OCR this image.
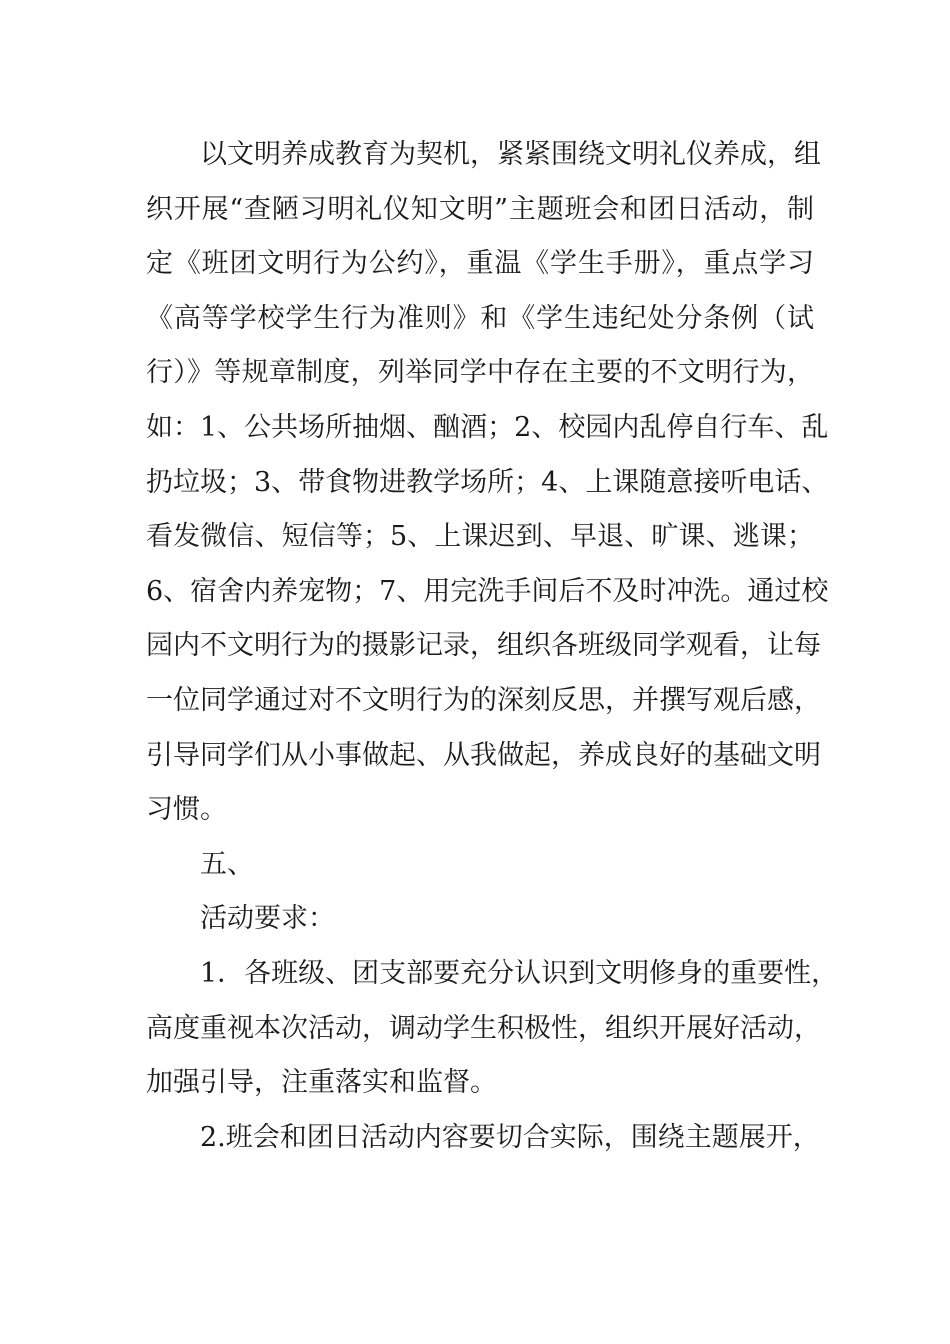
以文明养成教育为契机，紧紧围绕文明礼仪养成，组
织开展“查陋习明礼仪知文明”主题班会和团日活动，制
定《班团文明行为公约》，重温《学生手册》，重点学习
《高等学校学生行为准则》和《学生违纪处分条例（试
行）》等规章制度，列举同学中存在主要的不文明行为，
如：1、公共场所抽烟、酗酒；2、校园内乱停自行车、乱
扔垃圾；3、带食物进教学场所；4、上课随意接听电话、
看发微信、短信等；5、上课迟到、早退、旷课、逃课；
6、宿舍内养宠物；7、用完洗手间后不及时冲洗。通过校
园内不文明行为的摄影记录，组织各班级同学观看，让每
一位同学通过对不文明行为的深刻反思，并撰写观后感，
引导同学们从小事做起、从我做起，养成良好的基础文明
习惯。
五、
活动要求：
1．各班级、团支部要充分认识到文明修身的重要性，
高度重视本次活动，调动学生积极性，组织开展好活动，
加强引导，注重落实和监督。
2.班会和团日活动内容要切合实际，围绕主题展开，
